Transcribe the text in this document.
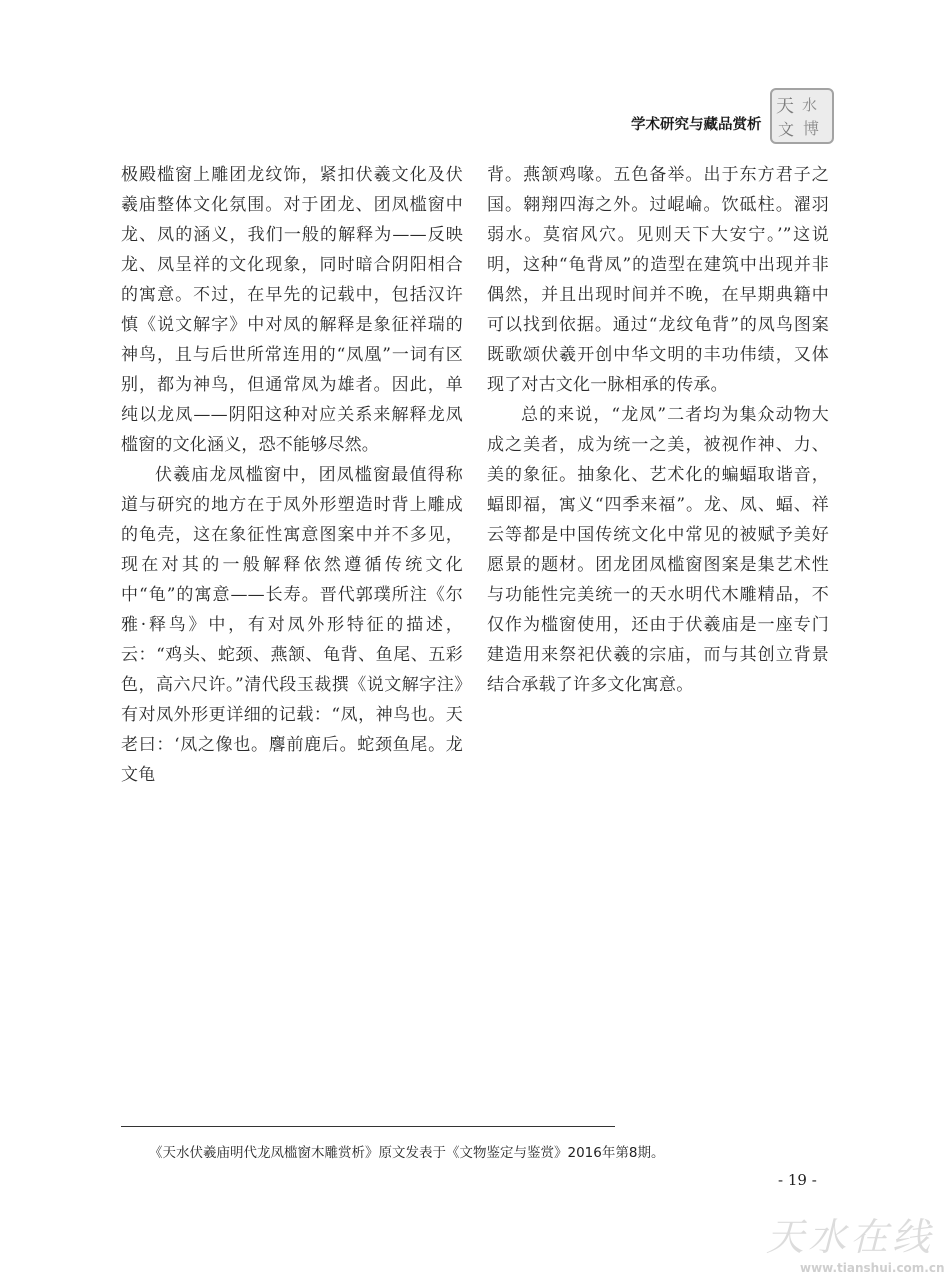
学术研究与藏品赏析
天 水
文 博

极殿槛窗上雕团龙纹饰，紧扣伏羲文化及伏羲庙整体文化氛围。对于团龙、团凤槛窗中龙、凤的涵义，我们一般的解释为——反映龙、凤呈祥的文化现象，同时暗合阴阳相合的寓意。不过，在早先的记载中，包括汉许慎《说文解字》中对凤的解释是象征祥瑞的神鸟，且与后世所常连用的“凤凰”一词有区别，都为神鸟，但通常凤为雄者。因此，单纯以龙凤——阴阳这种对应关系来解释龙凤槛窗的文化涵义，恐不能够尽然。

伏羲庙龙凤槛窗中，团凤槛窗最值得称道与研究的地方在于凤外形塑造时背上雕成的龟壳，这在象征性寓意图案中并不多见，现在对其的一般解释依然遵循传统文化中“龟”的寓意——长寿。晋代郭璞所注《尔雅·释鸟》中，有对凤外形特征的描述，云：“鸡头、蛇颈、燕颔、龟背、鱼尾、五彩色，高六尺许。”清代段玉裁撰《说文解字注》有对凤外形更详细的记载：“凤，神鸟也。天老曰：‘凤之像也。麐前鹿后。蛇颈鱼尾。龙文龟

背。燕颔鸡喙。五色备举。出于东方君子之国。翱翔四海之外。过崐崘。饮砥柱。濯羽弱水。莫宿风穴。见则天下大安宁。’”这说明，这种“龟背凤”的造型在建筑中出现并非偶然，并且出现时间并不晚，在早期典籍中可以找到依据。通过“龙纹龟背”的凤鸟图案既歌颂伏羲开创中华文明的丰功伟绩，又体现了对古文化一脉相承的传承。

总的来说，“龙凤”二者均为集众动物大成之美者，成为统一之美，被视作神、力、美的象征。抽象化、艺术化的蝙蝠取谐音，蝠即福，寓义“四季来福”。龙、凤、蝠、祥云等都是中国传统文化中常见的被赋予美好愿景的题材。团龙团凤槛窗图案是集艺术性与功能性完美统一的天水明代木雕精品，不仅作为槛窗使用，还由于伏羲庙是一座专门建造用来祭祀伏羲的宗庙，而与其创立背景结合承载了许多文化寓意。

《天水伏羲庙明代龙凤槛窗木雕赏析》原文发表于《文物鉴定与鉴赏》2016年第8期。
- 19 -
天水在线
www.tianshui.com.cn
